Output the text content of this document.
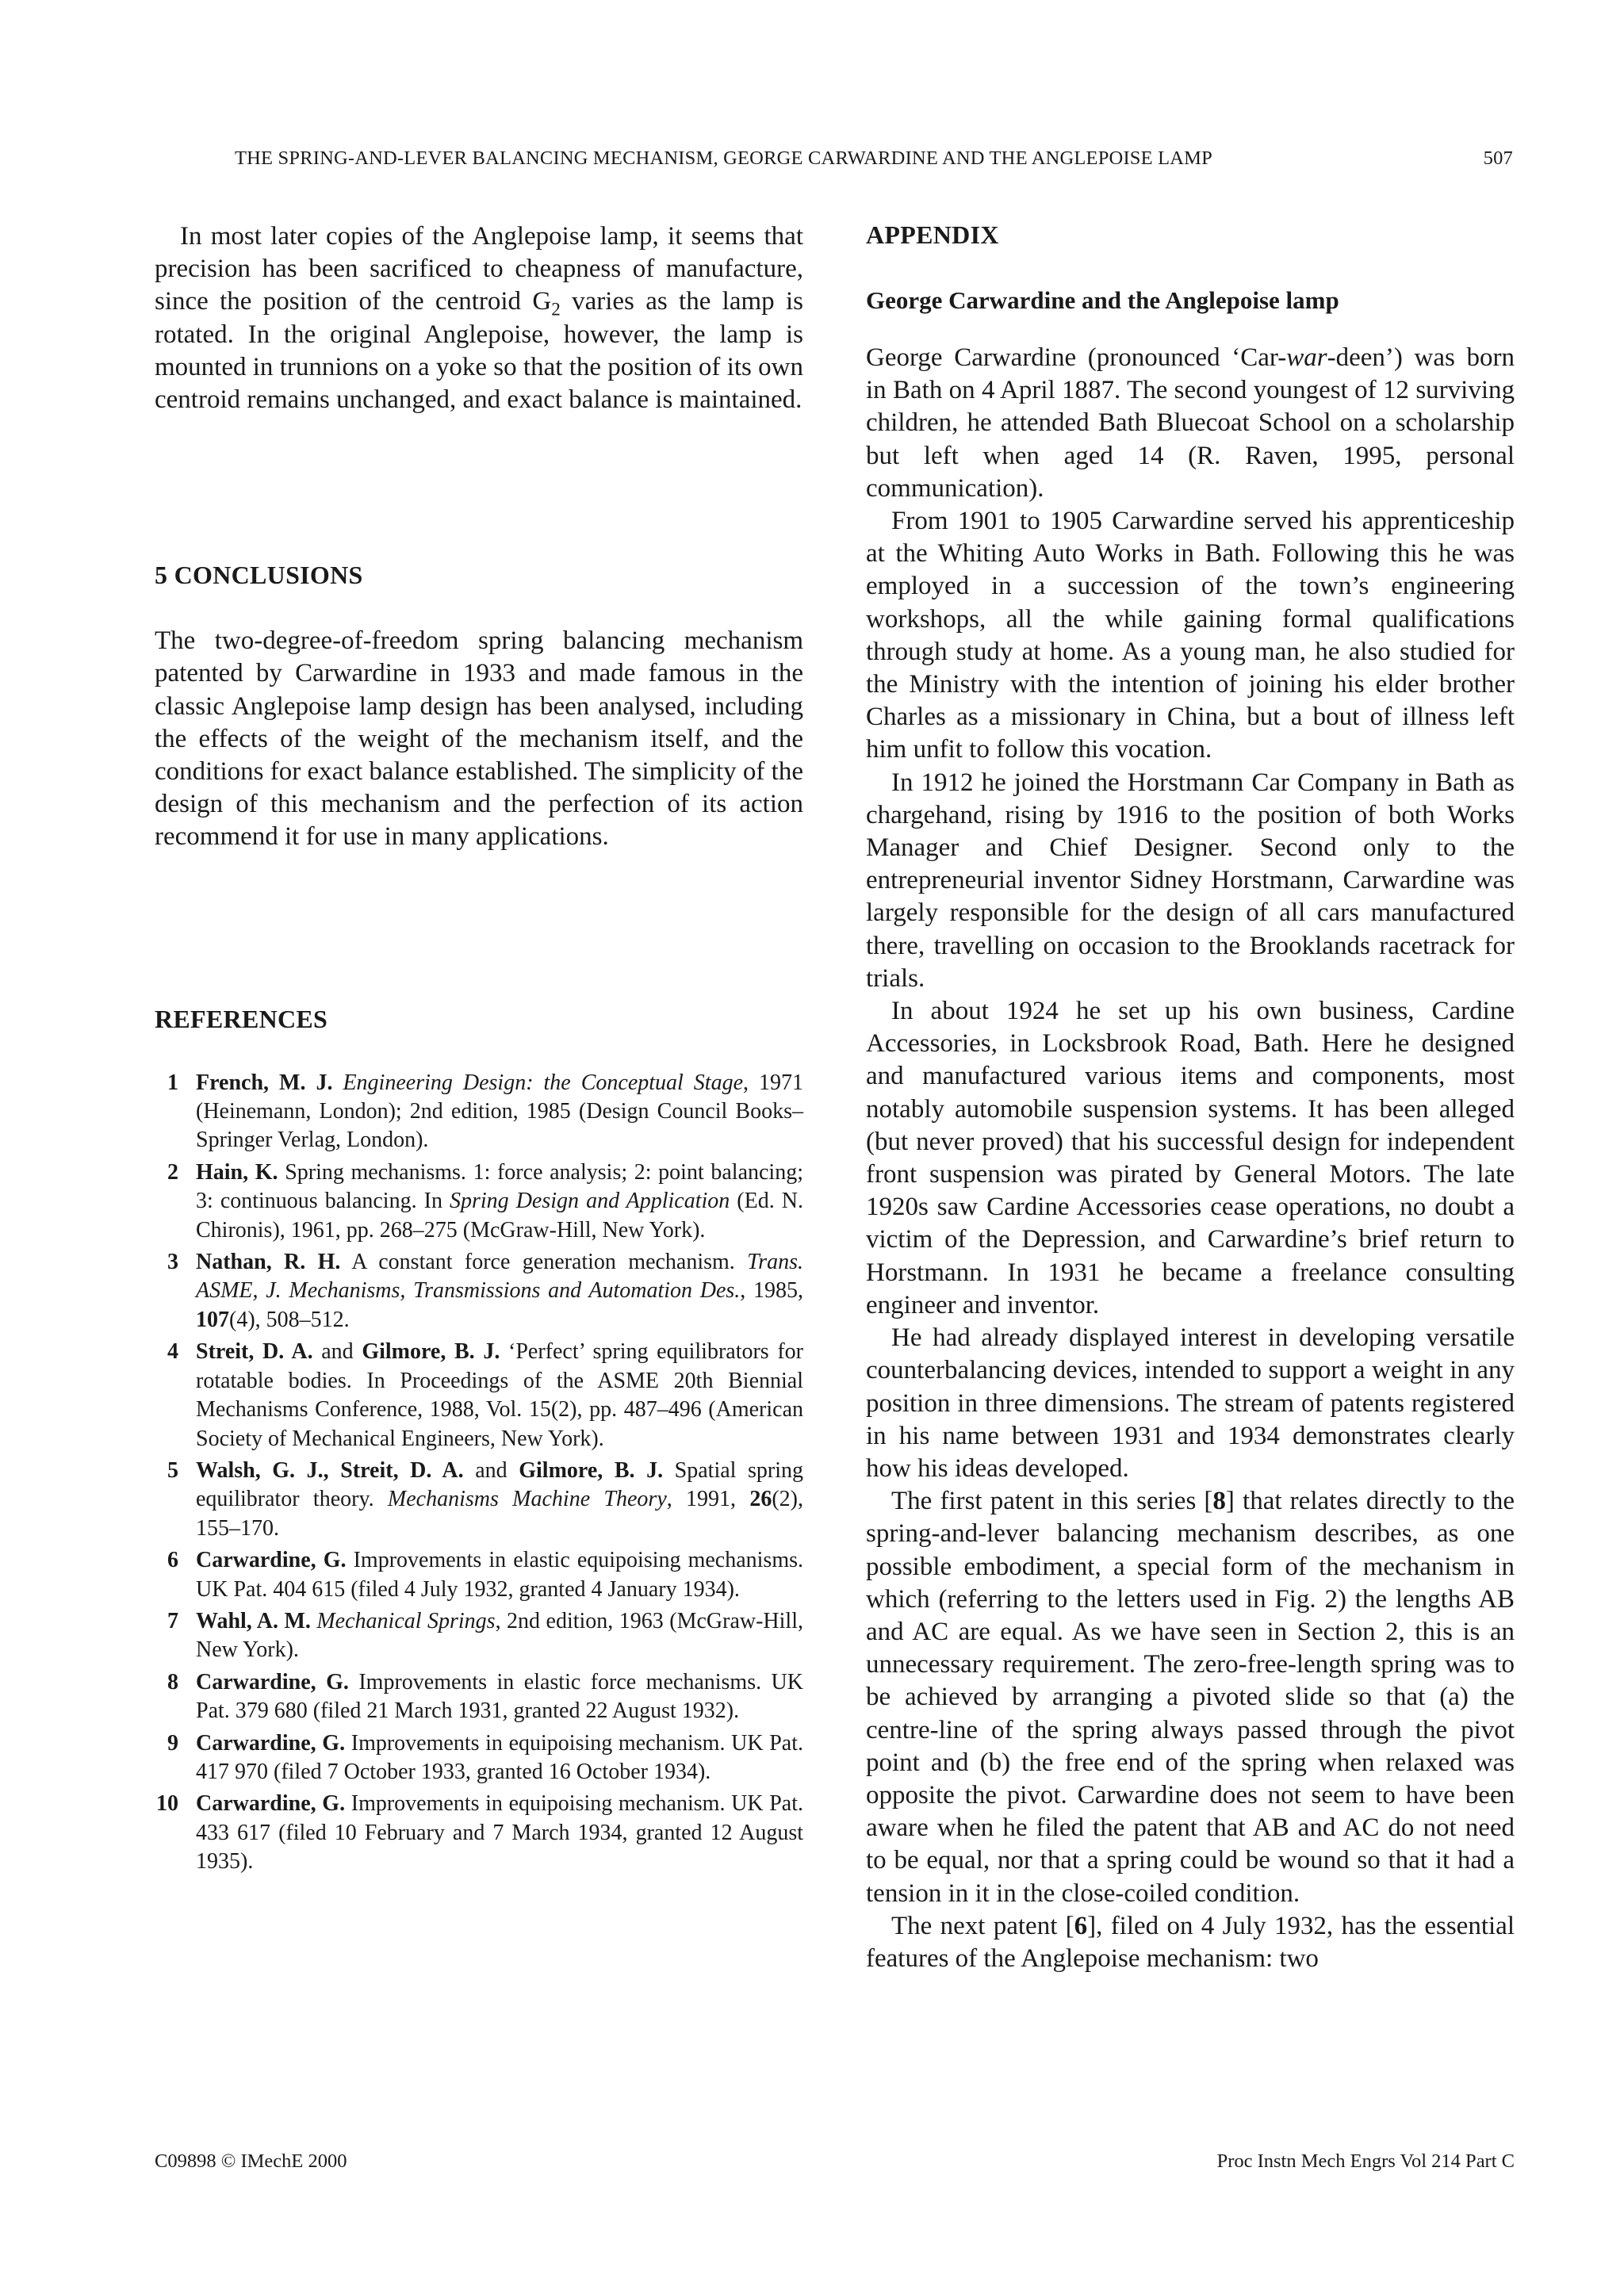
THE SPRING-AND-LEVER BALANCING MECHANISM, GEORGE CARWARDINE AND THE ANGLEPOISE LAMP	507

In most later copies of the Anglepoise lamp, it seems that precision has been sacrificed to cheapness of manufacture, since the position of the centroid $G_2$ varies as the lamp is rotated. In the original Anglepoise, however, the lamp is mounted in trunnions on a yoke so that the position of its own centroid remains unchanged, and exact balance is maintained.

5 CONCLUSIONS

The two-degree-of-freedom spring balancing mechanism patented by Carwardine in 1933 and made famous in the classic Anglepoise lamp design has been analysed, including the effects of the weight of the mechanism itself, and the conditions for exact balance established. The simplicity of the design of this mechanism and the perfection of its action recommend it for use in many applications.

REFERENCES
1 French, M. J. Engineering Design: the Conceptual Stage, 1971 (Heinemann, London); 2nd edition, 1985 (Design Council Books–Springer Verlag, London).
2 Hain, K. Spring mechanisms. 1: force analysis; 2: point balancing; 3: continuous balancing. In Spring Design and Application (Ed. N. Chironis), 1961, pp. 268–275 (McGraw-Hill, New York).
3 Nathan, R. H. A constant force generation mechanism. Trans. ASME, J. Mechanisms, Transmissions and Automation Des., 1985, 107(4), 508–512.
4 Streit, D. A. and Gilmore, B. J. ‘Perfect’ spring equilibrators for rotatable bodies. In Proceedings of the ASME 20th Biennial Mechanisms Conference, 1988, Vol. 15(2), pp. 487–496 (American Society of Mechanical Engineers, New York).
5 Walsh, G. J., Streit, D. A. and Gilmore, B. J. Spatial spring equilibrator theory. Mechanisms Machine Theory, 1991, 26(2), 155–170.
6 Carwardine, G. Improvements in elastic equipoising mechanisms. UK Pat. 404 615 (filed 4 July 1932, granted 4 January 1934).
7 Wahl, A. M. Mechanical Springs, 2nd edition, 1963 (McGraw-Hill, New York).
8 Carwardine, G. Improvements in elastic force mechanisms. UK Pat. 379 680 (filed 21 March 1931, granted 22 August 1932).
9 Carwardine, G. Improvements in equipoising mechanism. UK Pat. 417 970 (filed 7 October 1933, granted 16 October 1934).
10 Carwardine, G. Improvements in equipoising mechanism. UK Pat. 433 617 (filed 10 February and 7 March 1934, granted 12 August 1935).
APPENDIX
George Carwardine and the Anglepoise lamp

George Carwardine (pronounced ‘Car-war-deen’) was born in Bath on 4 April 1887. The second youngest of 12 surviving children, he attended Bath Bluecoat School on a scholarship but left when aged 14 (R. Raven, 1995, personal communication).

From 1901 to 1905 Carwardine served his apprenticeship at the Whiting Auto Works in Bath. Following this he was employed in a succession of the town’s engineering workshops, all the while gaining formal qualifications through study at home. As a young man, he also studied for the Ministry with the intention of joining his elder brother Charles as a missionary in China, but a bout of illness left him unfit to follow this vocation.

In 1912 he joined the Horstmann Car Company in Bath as chargehand, rising by 1916 to the position of both Works Manager and Chief Designer. Second only to the entrepreneurial inventor Sidney Horstmann, Carwardine was largely responsible for the design of all cars manufactured there, travelling on occasion to the Brooklands racetrack for trials.

In about 1924 he set up his own business, Cardine Accessories, in Locksbrook Road, Bath. Here he designed and manufactured various items and components, most notably automobile suspension systems. It has been alleged (but never proved) that his successful design for independent front suspension was pirated by General Motors. The late 1920s saw Cardine Accessories cease operations, no doubt a victim of the Depression, and Carwardine’s brief return to Horstmann. In 1931 he became a freelance consulting engineer and inventor.

He had already displayed interest in developing versatile counterbalancing devices, intended to support a weight in any position in three dimensions. The stream of patents registered in his name between 1931 and 1934 demonstrates clearly how his ideas developed.

The first patent in this series [8] that relates directly to the spring-and-lever balancing mechanism describes, as one possible embodiment, a special form of the mechanism in which (referring to the letters used in Fig. 2) the lengths AB and AC are equal. As we have seen in Section 2, this is an unnecessary requirement. The zero-free-length spring was to be achieved by arranging a pivoted slide so that (a) the centre-line of the spring always passed through the pivot point and (b) the free end of the spring when relaxed was opposite the pivot. Carwardine does not seem to have been aware when he filed the patent that AB and AC do not need to be equal, nor that a spring could be wound so that it had a tension in it in the close-coiled condition.

The next patent [6], filed on 4 July 1932, has the essential features of the Anglepoise mechanism: two

C09898 © IMechE 2000	Proc Instn Mech Engrs Vol 214 Part C
